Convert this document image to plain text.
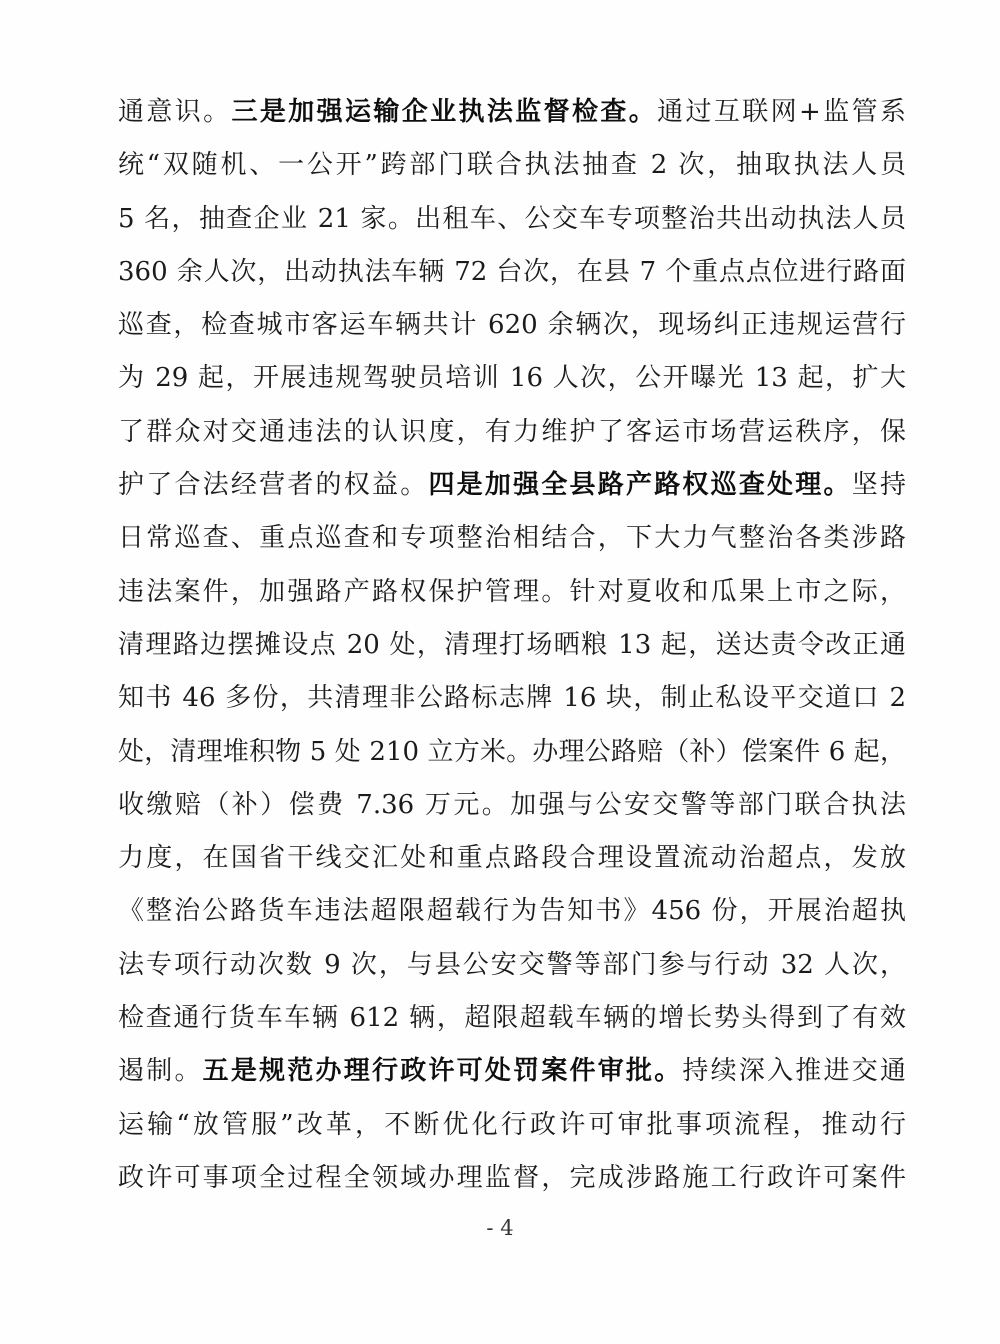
通意识。三是加强运输企业执法监督检查。通过互联网+监管系
统“双随机、一公开”跨部门联合执法抽查 2 次，抽取执法人员
5 名，抽查企业 21 家。出租车、公交车专项整治共出动执法人员
360 余人次，出动执法车辆 72 台次，在县 7 个重点点位进行路面
巡查，检查城市客运车辆共计 620 余辆次，现场纠正违规运营行
为 29 起，开展违规驾驶员培训 16 人次，公开曝光 13 起，扩大
了群众对交通违法的认识度，有力维护了客运市场营运秩序，保
护了合法经营者的权益。四是加强全县路产路权巡查处理。坚持
日常巡查、重点巡查和专项整治相结合，下大力气整治各类涉路
违法案件，加强路产路权保护管理。针对夏收和瓜果上市之际，
清理路边摆摊设点 20 处，清理打场晒粮 13 起，送达责令改正通
知书 46 多份，共清理非公路标志牌 16 块，制止私设平交道口 2
处，清理堆积物 5 处 210 立方米。办理公路赔（补）偿案件 6 起，
收缴赔（补）偿费 7.36 万元。加强与公安交警等部门联合执法
力度，在国省干线交汇处和重点路段合理设置流动治超点，发放
《整治公路货车违法超限超载行为告知书》456 份，开展治超执
法专项行动次数 9 次，与县公安交警等部门参与行动 32 人次，
检查通行货车车辆 612 辆，超限超载车辆的增长势头得到了有效
遏制。五是规范办理行政许可处罚案件审批。持续深入推进交通
运输“放管服”改革，不断优化行政许可审批事项流程，推动行
政许可事项全过程全领域办理监督，完成涉路施工行政许可案件
- 4
